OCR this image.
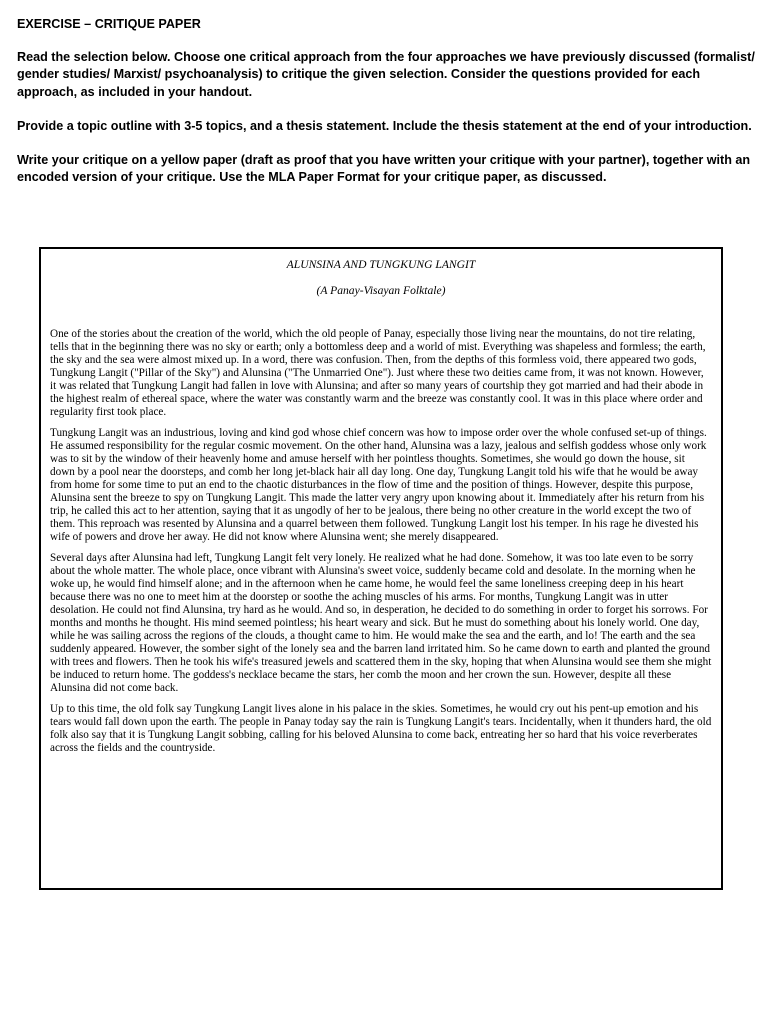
EXERCISE – CRITIQUE PAPER

Read the selection below. Choose one critical approach from the four approaches we have previously discussed (formalist/ gender studies/ Marxist/ psychoanalysis) to critique the given selection. Consider the questions provided for each approach, as included in your handout.

Provide a topic outline with 3-5 topics, and a thesis statement. Include the thesis statement at the end of your introduction.

Write your critique on a yellow paper (draft as proof that you have written your critique with your partner), together with an encoded version of your critique. Use the MLA Paper Format for your critique paper, as discussed.

ALUNSINA AND TUNGKUNG LANGIT
(A Panay-Visayan Folktale)

One of the stories about the creation of the world, which the old people of Panay, especially those living near the mountains, do not tire relating, tells that in the beginning there was no sky or earth; only a bottomless deep and a world of mist. Everything was shapeless and formless; the earth, the sky and the sea were almost mixed up. In a word, there was confusion. Then, from the depths of this formless void, there appeared two gods, Tungkung Langit ("Pillar of the Sky") and Alunsina ("The Unmarried One"). Just where these two deities came from, it was not known. However, it was related that Tungkung Langit had fallen in love with Alunsina; and after so many years of courtship they got married and had their abode in the highest realm of ethereal space, where the water was constantly warm and the breeze was constantly cool. It was in this place where order and regularity first took place.

Tungkung Langit was an industrious, loving and kind god whose chief concern was how to impose order over the whole confused set-up of things. He assumed responsibility for the regular cosmic movement. On the other hand, Alunsina was a lazy, jealous and selfish goddess whose only work was to sit by the window of their heavenly home and amuse herself with her pointless thoughts. Sometimes, she would go down the house, sit down by a pool near the doorsteps, and comb her long jet-black hair all day long. One day, Tungkung Langit told his wife that he would be away from home for some time to put an end to the chaotic disturbances in the flow of time and the position of things. However, despite this purpose, Alunsina sent the breeze to spy on Tungkung Langit. This made the latter very angry upon knowing about it. Immediately after his return from his trip, he called this act to her attention, saying that it as ungodly of her to be jealous, there being no other creature in the world except the two of them. This reproach was resented by Alunsina and a quarrel between them followed. Tungkung Langit lost his temper. In his rage he divested his wife of powers and drove her away. He did not know where Alunsina went; she merely disappeared.

Several days after Alunsina had left, Tungkung Langit felt very lonely. He realized what he had done. Somehow, it was too late even to be sorry about the whole matter. The whole place, once vibrant with Alunsina's sweet voice, suddenly became cold and desolate. In the morning when he woke up, he would find himself alone; and in the afternoon when he came home, he would feel the same loneliness creeping deep in his heart because there was no one to meet him at the doorstep or soothe the aching muscles of his arms. For months, Tungkung Langit was in utter desolation. He could not find Alunsina, try hard as he would. And so, in desperation, he decided to do something in order to forget his sorrows. For months and months he thought. His mind seemed pointless; his heart weary and sick. But he must do something about his lonely world. One day, while he was sailing across the regions of the clouds, a thought came to him. He would make the sea and the earth, and lo! The earth and the sea suddenly appeared. However, the somber sight of the lonely sea and the barren land irritated him. So he came down to earth and planted the ground with trees and flowers. Then he took his wife's treasured jewels and scattered them in the sky, hoping that when Alunsina would see them she might be induced to return home. The goddess's necklace became the stars, her comb the moon and her crown the sun. However, despite all these Alunsina did not come back.

Up to this time, the old folk say Tungkung Langit lives alone in his palace in the skies. Sometimes, he would cry out his pent-up emotion and his tears would fall down upon the earth. The people in Panay today say the rain is Tungkung Langit's tears. Incidentally, when it thunders hard, the old folk also say that it is Tungkung Langit sobbing, calling for his beloved Alunsina to come back, entreating her so hard that his voice reverberates across the fields and the countryside.
